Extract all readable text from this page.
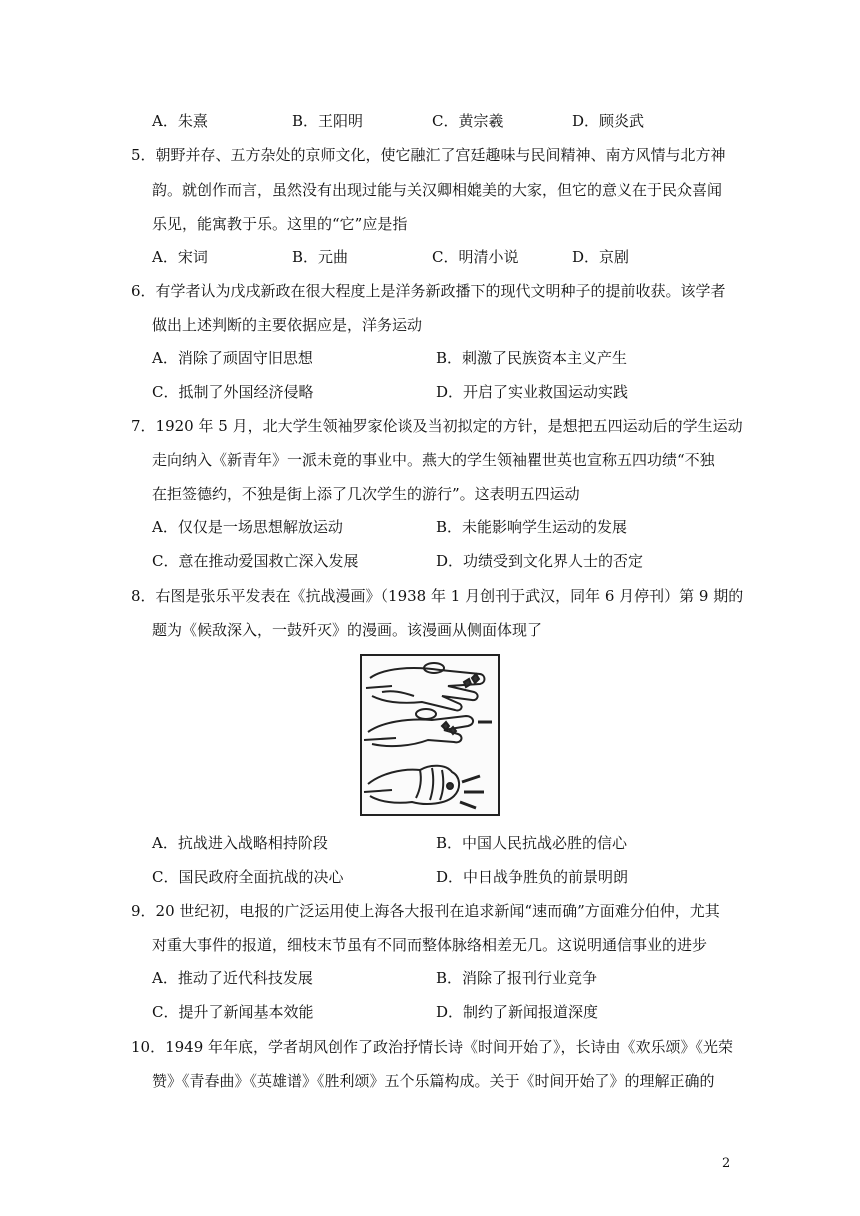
A．朱熹	B．王阳明	C．黄宗羲	D．顾炎武
5．朝野并存、五方杂处的京师文化，使它融汇了宫廷趣味与民间精神、南方风情与北方神
韵。就创作而言，虽然没有出现过能与关汉卿相媲美的大家，但它的意义在于民众喜闻
乐见，能寓教于乐。这里的“它”应是指
A．宋词	B．元曲	C．明清小说	D．京剧
6．有学者认为戊戌新政在很大程度上是洋务新政播下的现代文明种子的提前收获。该学者
做出上述判断的主要依据应是，洋务运动
A．消除了顽固守旧思想	B．刺激了民族资本主义产生
C．抵制了外国经济侵略	D．开启了实业救国运动实践
7．1920 年 5 月，北大学生领袖罗家伦谈及当初拟定的方针，是想把五四运动后的学生运动
走向纳入《新青年》一派未竟的事业中。燕大的学生领袖瞿世英也宣称五四功绩“不独
在拒签德约，不独是街上添了几次学生的游行”。这表明五四运动
A．仅仅是一场思想解放运动	B．未能影响学生运动的发展
C．意在推动爱国救亡深入发展	D．功绩受到文化界人士的否定
8．右图是张乐平发表在《抗战漫画》（1938 年 1 月创刊于武汉，同年 6 月停刊）第 9 期的
题为《候敌深入，一鼓歼灭》的漫画。该漫画从侧面体现了
A．抗战进入战略相持阶段	B．中国人民抗战必胜的信心
C．国民政府全面抗战的决心	D．中日战争胜负的前景明朗
9．20 世纪初，电报的广泛运用使上海各大报刊在追求新闻“速而确”方面难分伯仲，尤其
对重大事件的报道，细枝末节虽有不同而整体脉络相差无几。这说明通信事业的进步
A．推动了近代科技发展	B．消除了报刊行业竞争
C．提升了新闻基本效能	D．制约了新闻报道深度
10．1949 年年底，学者胡风创作了政治抒情长诗《时间开始了》，长诗由《欢乐颂》《光荣
赞》《青春曲》《英雄谱》《胜利颂》五个乐篇构成。关于《时间开始了》的理解正确的
2
